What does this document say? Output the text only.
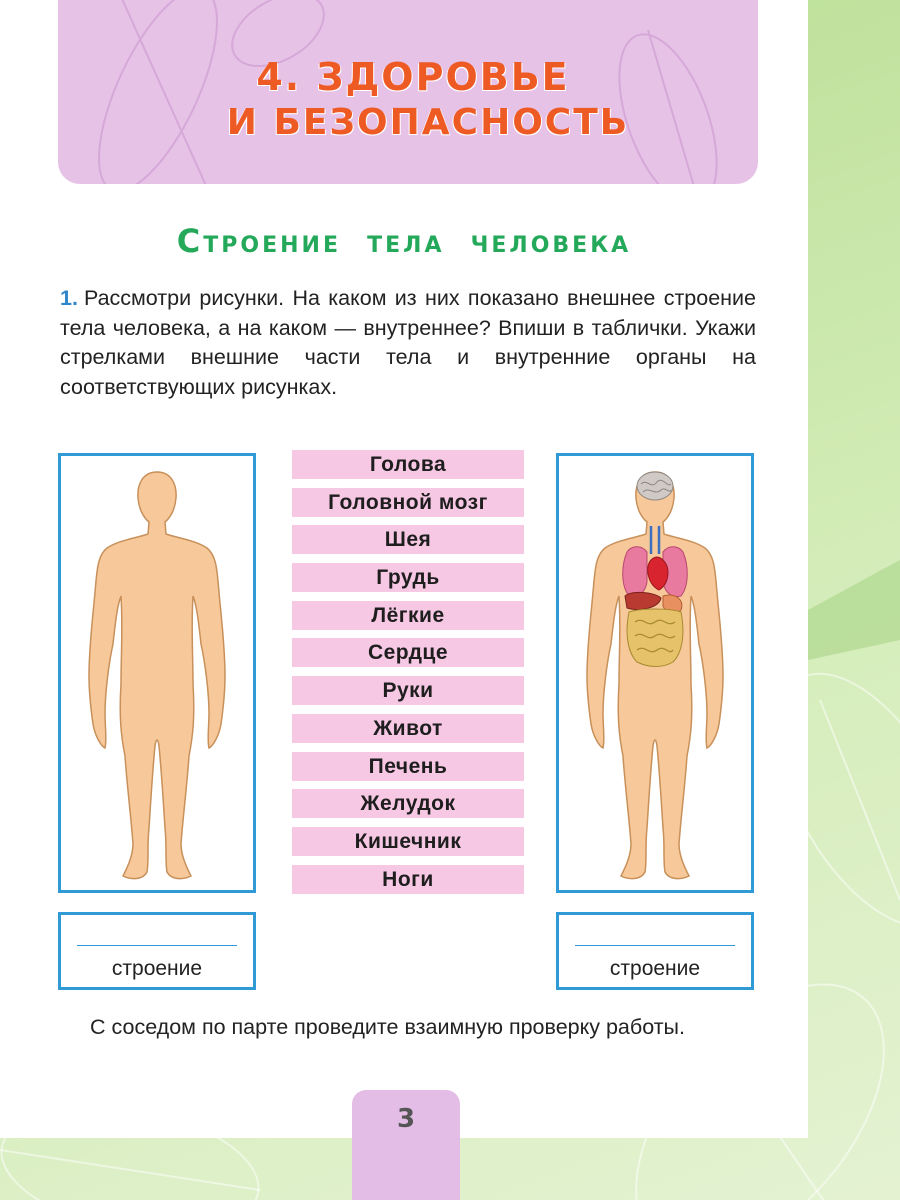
4. ЗДОРОВЬЕ
И БЕЗОПАСНОСТЬ
Строение тела человека
1. Рассмотри рисунки. На каком из них показано внешнее строение тела человека, а на каком — внутреннее? Впиши в таблички. Укажи стрелками внешние части тела и внутренние органы на соответствующих рисунках.
строение
Голова
Головной мозг
Шея
Грудь
Лёгкие
Сердце
Руки
Живот
Печень
Желудок
Кишечник
Ноги
строение
С соседом по парте проведите взаимную проверку работы.
3
